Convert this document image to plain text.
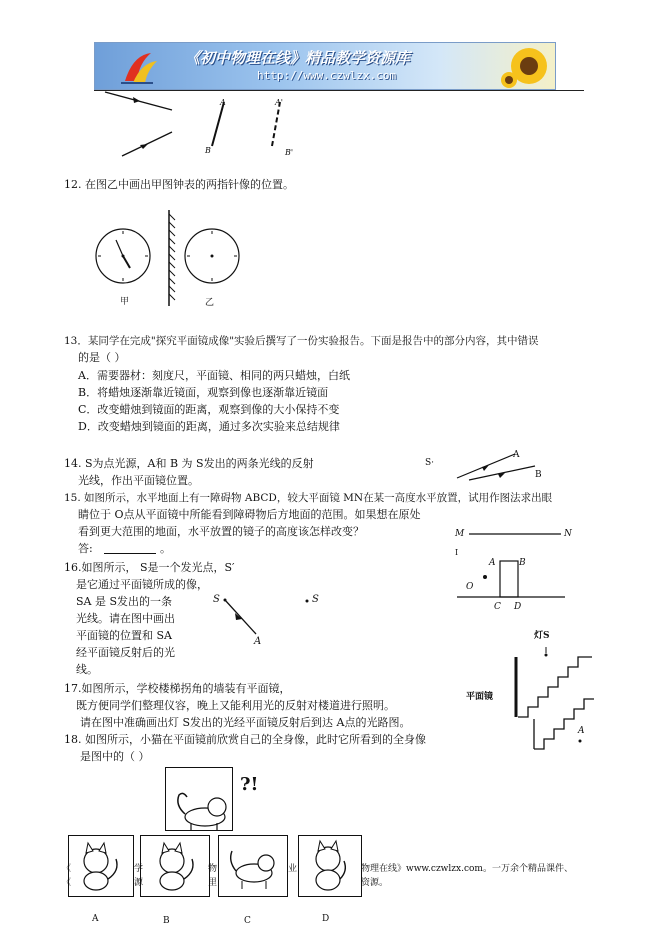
《初中物理在线》精品教学资源库
http://www.czwlzx.com
A
B
A'
B'
12. 在图乙中画出甲图钟表的两指针像的位置。
甲	乙
13．某同学在完成"探究平面镜成像"实验后撰写了一份实验报告。下面是报告中的部分内容，其中错误
的是（ ）
A．需要器材：刻度尺，平面镜、相同的两只蜡烛，白纸
B．将蜡烛逐渐靠近镜面，观察到像也逐渐靠近镜面
C．改变蜡烛到镜面的距离，观察到像的大小保持不变
D．改变蜡烛到镜面的距离，通过多次实验来总结规律
14. S为点光源，A和 B 为 S发出的两条光线的反射
光线，作出平面镜位置。
S·
A
B
15. 如图所示，水平地面上有一障碍物 ABCD，较大平面镜 MN在某一高度水平放置，试用作图法求出眼
睛位于 O点从平面镜中所能看到障碍物后方地面的范围。如果想在原处
看到更大范围的地面，水平放置的镜子的高度该怎样改变？
答:	。
M	N
I
A	B
O
C D
16.如图所示， S是一个发光点，S′
是它通过平面镜所成的像，
SA 是 S发出的一条
光线。请在图中画出
平面镜的位置和 SA
经平面镜反射后的光
线。
S	S
A
17.如图所示，学校楼梯拐角的墙装有平面镜，
既方便同学们整理仪容，晚上又能利用光的反射对楼道进行照明。
请在图中准确画出灯 S发出的光经平面镜反射后到达 A点的光路图。
灯S
平面镜
A
18. 如图所示，小猫在平面镜前欣赏自己的全身像，此时它所看到的全身像
是图中的（ ）
?!
《	学	物	业	物理在线》www.czwlzx.com。一万余个精品课件、
《	源	里	资源。
A	B	C	D
